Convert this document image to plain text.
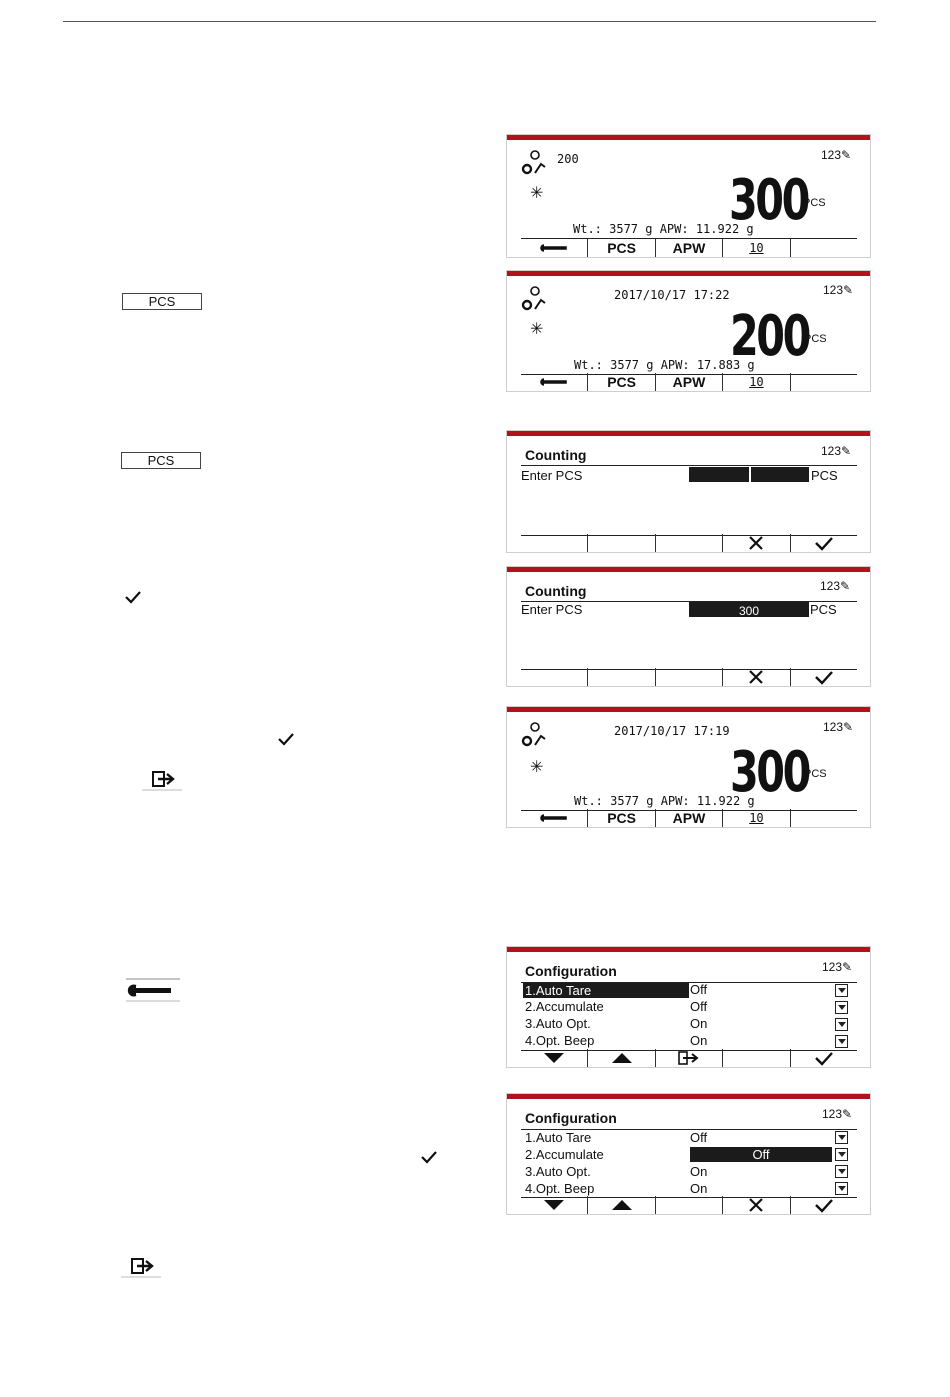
PCS
PCS
200
✳
123✎
300
PCS
Wt.: 3577 g APW: 11.922 g
PCS	APW	10
2017/10/17 17:22
✳
123✎
200
PCS
Wt.: 3577 g APW: 17.883 g
PCS	APW	10
Counting	123✎
Enter PCS	PCS
Counting	123✎
Enter PCS	300	PCS
2017/10/17 17:19
✳
123✎
300
PCS
Wt.: 3577 g APW: 11.922 g
PCS	APW	10
Configuration	123✎
1.Auto Tare	Off
2.Accumulate	Off
3.Auto Opt.	On
4.Opt. Beep	On
Configuration	123✎
1.Auto Tare	Off
2.Accumulate	Off
3.Auto Opt.	On
4.Opt. Beep	On
